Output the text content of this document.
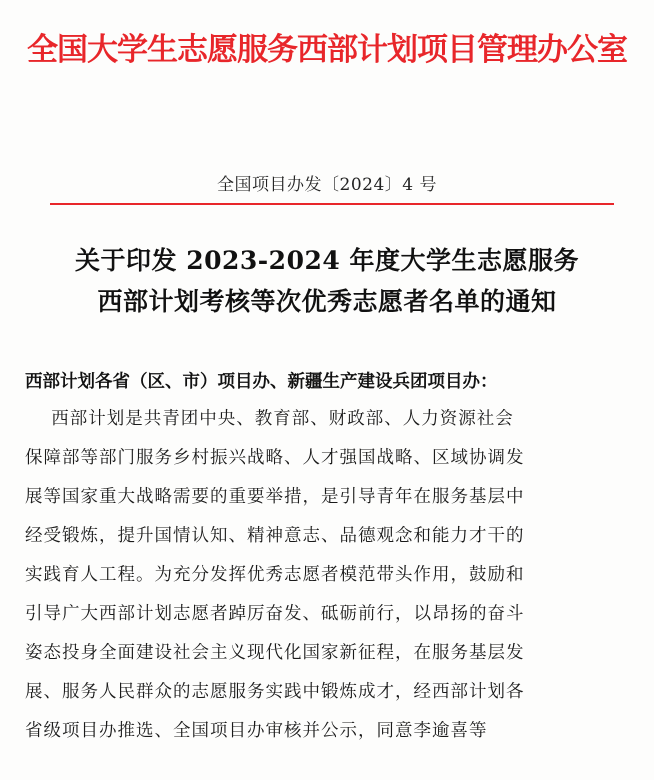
全国大学生志愿服务西部计划项目管理办公室
全国项目办发〔2024〕4 号
关于印发 2023-2024 年度大学生志愿服务
西部计划考核等次优秀志愿者名单的通知
西部计划各省（区、市）项目办、新疆生产建设兵团项目办：
西部计划是共青团中央、教育部、财政部、人力资源社会
保障部等部门服务乡村振兴战略、人才强国战略、区域协调发
展等国家重大战略需要的重要举措，是引导青年在服务基层中
经受锻炼，提升国情认知、精神意志、品德观念和能力才干的
实践育人工程。为充分发挥优秀志愿者模范带头作用，鼓励和
引导广大西部计划志愿者踔厉奋发、砥砺前行，以昂扬的奋斗
姿态投身全面建设社会主义现代化国家新征程，在服务基层发
展、服务人民群众的志愿服务实践中锻炼成才，经西部计划各
省级项目办推选、全国项目办审核并公示，同意李逾喜等
